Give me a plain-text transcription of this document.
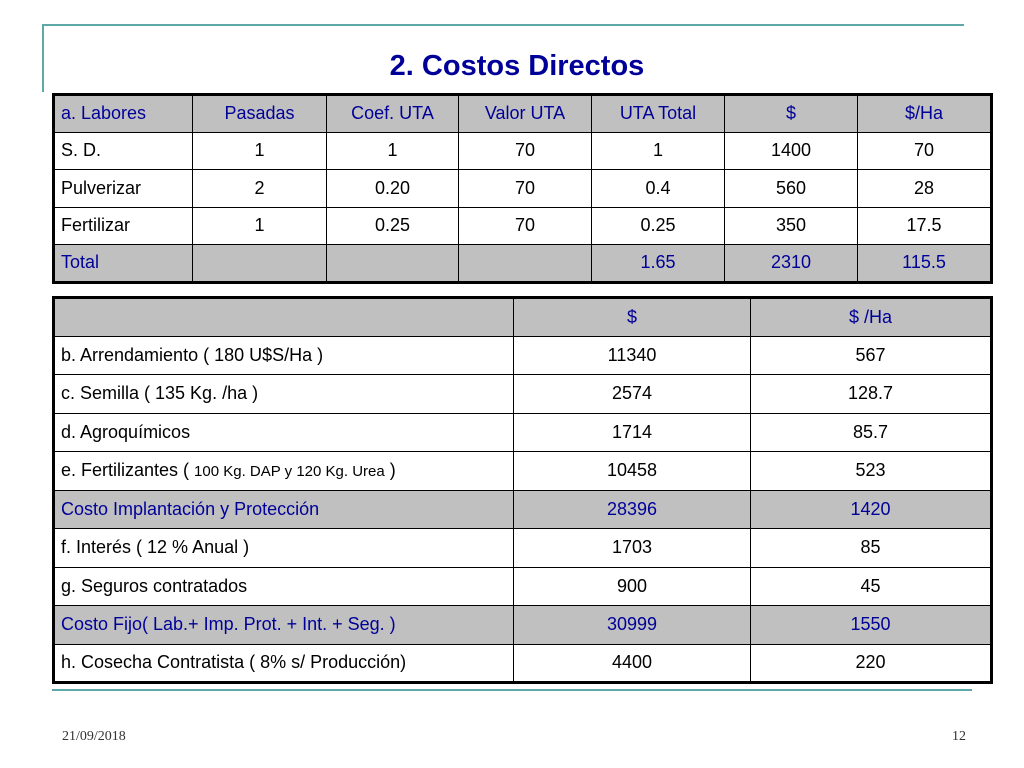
2. Costos Directos
a. Labores	Pasadas	Coef. UTA	Valor UTA	UTA Total	$	$/Ha
S. D.	1	1	70	1	1400	70
Pulverizar	2	0.20	70	0.4	560	28
Fertilizar	1	0.25	70	0.25	350	17.5
Total				1.65	2310	115.5
	$	$ /Ha
b. Arrendamiento ( 180 U$S/Ha )	11340	567
c. Semilla ( 135 Kg. /ha )	2574	128.7
d. Agroquímicos	1714	85.7
e. Fertilizantes ( 100 Kg. DAP y 120 Kg. Urea )	10458	523
Costo Implantación y Protección	28396	1420
f. Interés ( 12 % Anual )	1703	85
g. Seguros contratados	900	45
Costo Fijo( Lab.+ Imp. Prot. + Int. + Seg. )	30999	1550
h. Cosecha Contratista ( 8% s/ Producción)	4400	220
21/09/2018	12
